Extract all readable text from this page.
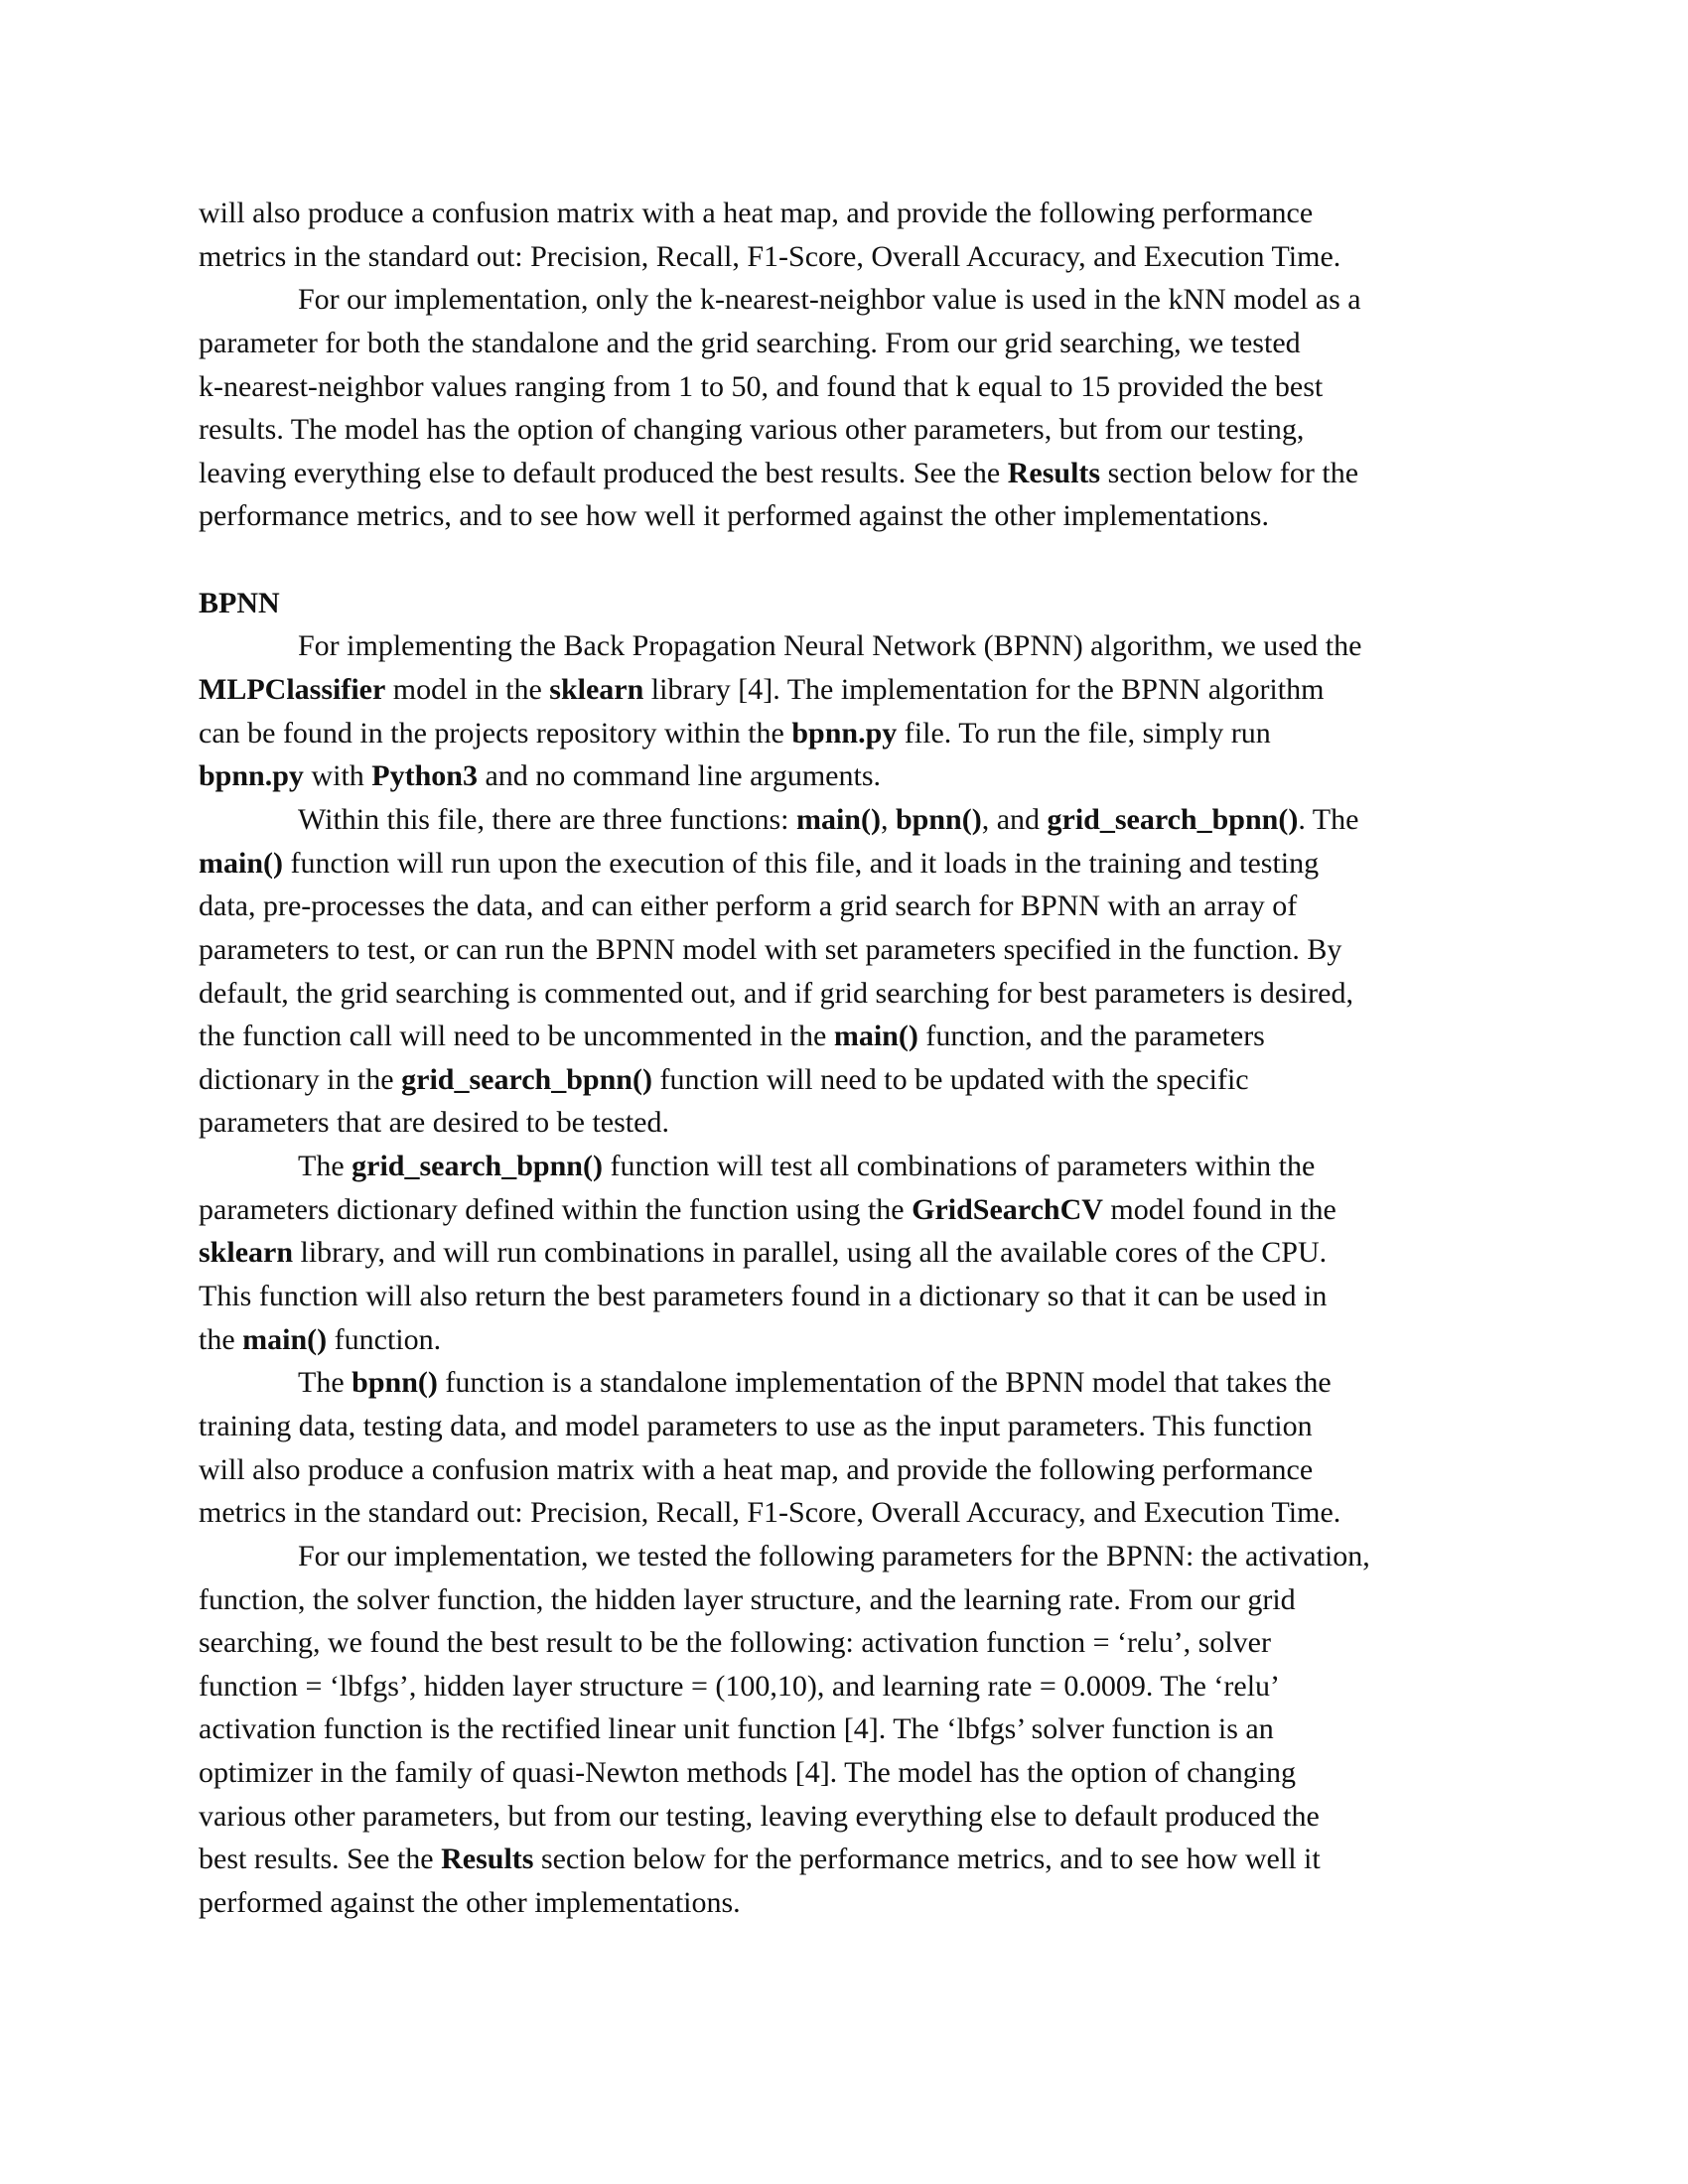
will also produce a confusion matrix with a heat map, and provide the following performance
metrics in the standard out: Precision, Recall, F1-Score, Overall Accuracy, and Execution Time.
For our implementation, only the k-nearest-neighbor value is used in the kNN model as a
parameter for both the standalone and the grid searching. From our grid searching, we tested
k-nearest-neighbor values ranging from 1 to 50, and found that k equal to 15 provided the best
results. The model has the option of changing various other parameters, but from our testing,
leaving everything else to default produced the best results. See the Results section below for the
performance metrics, and to see how well it performed against the other implementations.
BPNN
For implementing the Back Propagation Neural Network (BPNN) algorithm, we used the
MLPClassifier model in the sklearn library [4]. The implementation for the BPNN algorithm
can be found in the projects repository within the bpnn.py file. To run the file, simply run
bpnn.py with Python3 and no command line arguments.
Within this file, there are three functions: main(), bpnn(), and grid_search_bpnn(). The
main() function will run upon the execution of this file, and it loads in the training and testing
data, pre-processes the data, and can either perform a grid search for BPNN with an array of
parameters to test, or can run the BPNN model with set parameters specified in the function. By
default, the grid searching is commented out, and if grid searching for best parameters is desired,
the function call will need to be uncommented in the main() function, and the parameters
dictionary in the grid_search_bpnn() function will need to be updated with the specific
parameters that are desired to be tested.
The grid_search_bpnn() function will test all combinations of parameters within the
parameters dictionary defined within the function using the GridSearchCV model found in the
sklearn library, and will run combinations in parallel, using all the available cores of the CPU.
This function will also return the best parameters found in a dictionary so that it can be used in
the main() function.
The bpnn() function is a standalone implementation of the BPNN model that takes the
training data, testing data, and model parameters to use as the input parameters. This function
will also produce a confusion matrix with a heat map, and provide the following performance
metrics in the standard out: Precision, Recall, F1-Score, Overall Accuracy, and Execution Time.
For our implementation, we tested the following parameters for the BPNN: the activation,
function, the solver function, the hidden layer structure, and the learning rate. From our grid
searching, we found the best result to be the following: activation function = ‘relu’, solver
function = ‘lbfgs’, hidden layer structure = (100,10), and learning rate = 0.0009. The ‘relu’
activation function is the rectified linear unit function [4]. The ‘lbfgs’ solver function is an
optimizer in the family of quasi-Newton methods [4]. The model has the option of changing
various other parameters, but from our testing, leaving everything else to default produced the
best results. See the Results section below for the performance metrics, and to see how well it
performed against the other implementations.
